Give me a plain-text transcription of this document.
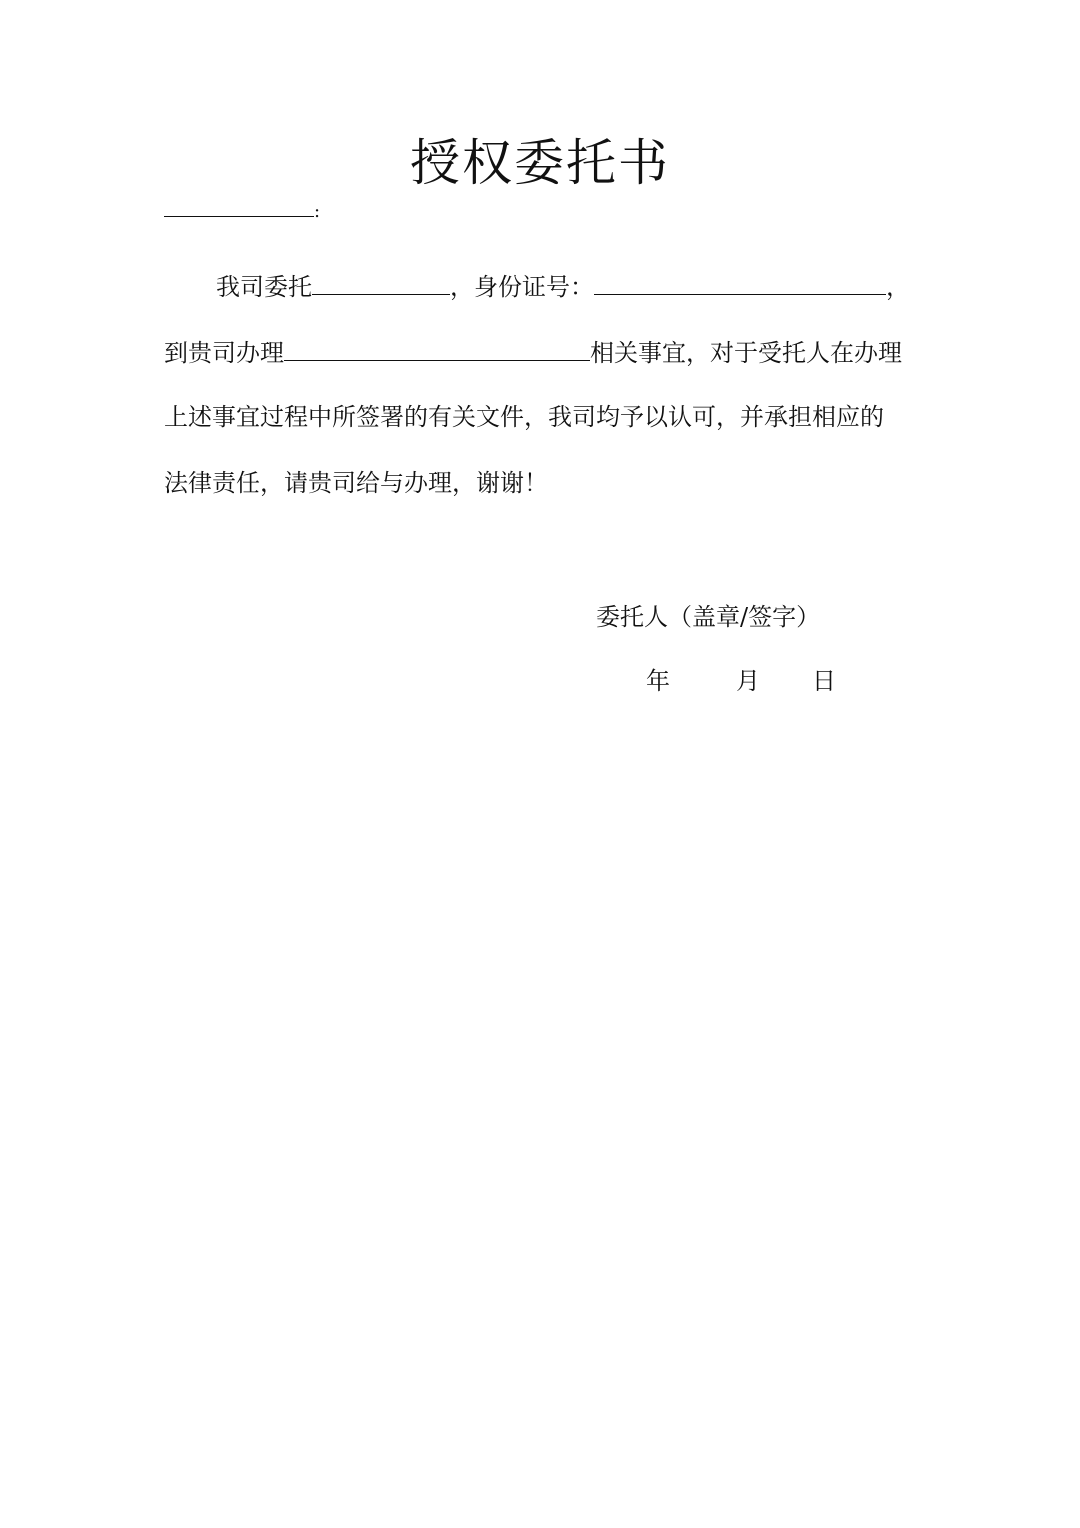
授权委托书
:
我司委托	，身份证号：	，
到贵司办理	相关事宜，对于受托人在办理
上述事宜过程中所签署的有关文件，我司均予以认可，并承担相应的
法律责任，请贵司给与办理，谢谢！
委托人（盖章/签字）
年	月 日
